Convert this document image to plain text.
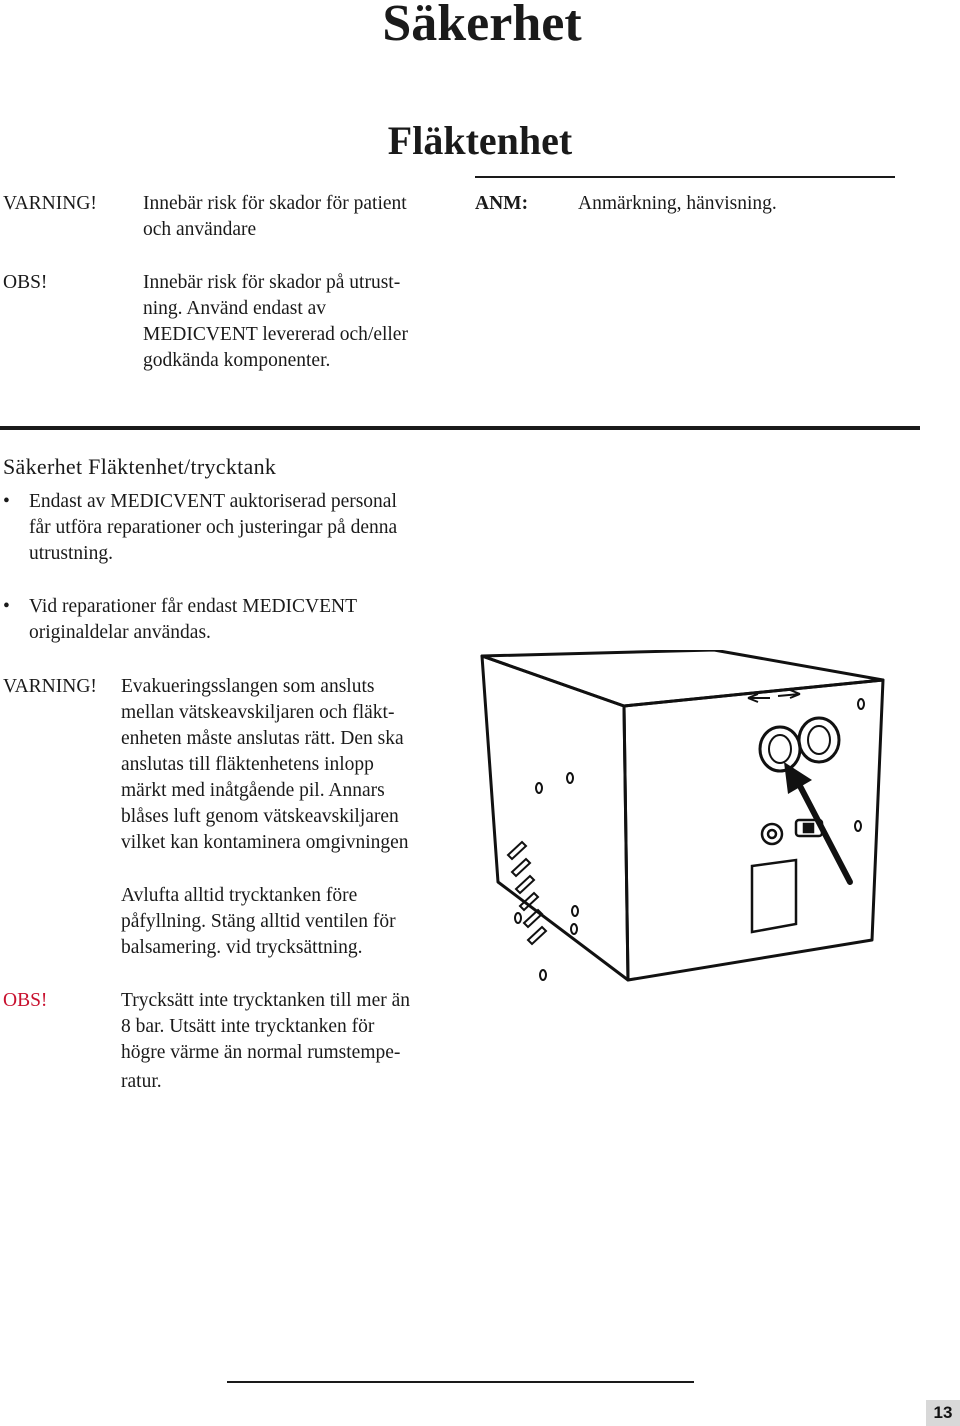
Säkerhet
Fläktenhet
VARNING! Innebär risk för skador för patient
och användare
OBS!	Innebär risk för skador på utrust-
ning. Använd endast av
MEDICVENT levererad och/eller
godkända komponenter.
ANM:	Anmärkning, hänvisning.
Säkerhet Fläktenhet/trycktank
• Endast av MEDICVENT auktoriserad personal
får utföra reparationer och justeringar på denna
utrustning.
• Vid reparationer får endast MEDICVENT
originaldelar användas.
VARNING! Evakueringsslangen som ansluts
mellan vätskeavskiljaren och fläkt-
enheten måste anslutas rätt. Den ska
anslutas till fläktenhetens inlopp
märkt med inåtgående pil. Annars
blåses luft genom vätskeavskiljaren
vilket kan kontaminera omgivningen
Avlufta alltid trycktanken före
påfyllning. Stäng alltid ventilen för
balsamering. vid trycksättning.
OBS!	Trycksätt inte trycktanken till mer än
8 bar. Utsätt inte trycktanken för
högre värme än normal rumstempe-
ratur.
13
